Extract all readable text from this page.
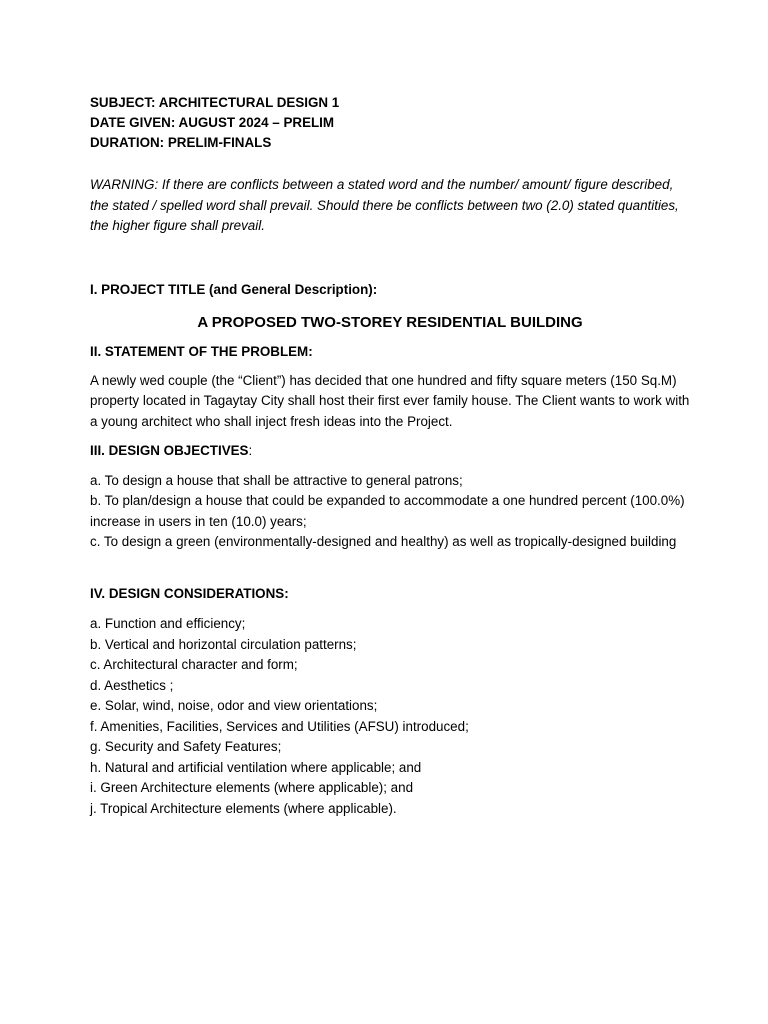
SUBJECT: ARCHITECTURAL DESIGN 1

DATE GIVEN: AUGUST 2024 – PRELIM

DURATION: PRELIM-FINALS

WARNING: If there are conflicts between a stated word and the number/ amount/ figure described, the stated / spelled word shall prevail. Should there be conflicts between two (2.0) stated quantities, the higher figure shall prevail.

I. PROJECT TITLE (and General Description):

A PROPOSED TWO-STOREY RESIDENTIAL BUILDING

II. STATEMENT OF THE PROBLEM:

A newly wed couple (the “Client”) has decided that one hundred and fifty square meters (150 Sq.M) property located in Tagaytay City shall host their first ever family house. The Client wants to work with a young architect who shall inject fresh ideas into the Project.

III. DESIGN OBJECTIVES:

a. To design a house that shall be attractive to general patrons;
b. To plan/design a house that could be expanded to accommodate a one hundred percent (100.0%) increase in users in ten (10.0) years;
c. To design a green (environmentally-designed and healthy) as well as tropically-designed building

IV. DESIGN CONSIDERATIONS:

a. Function and efficiency;
b. Vertical and horizontal circulation patterns;
c. Architectural character and form;
d. Aesthetics ;
e. Solar, wind, noise, odor and view orientations;
f. Amenities, Facilities, Services and Utilities (AFSU) introduced;
g. Security and Safety Features;
h. Natural and artificial ventilation where applicable; and
i. Green Architecture elements (where applicable); and
j. Tropical Architecture elements (where applicable).
